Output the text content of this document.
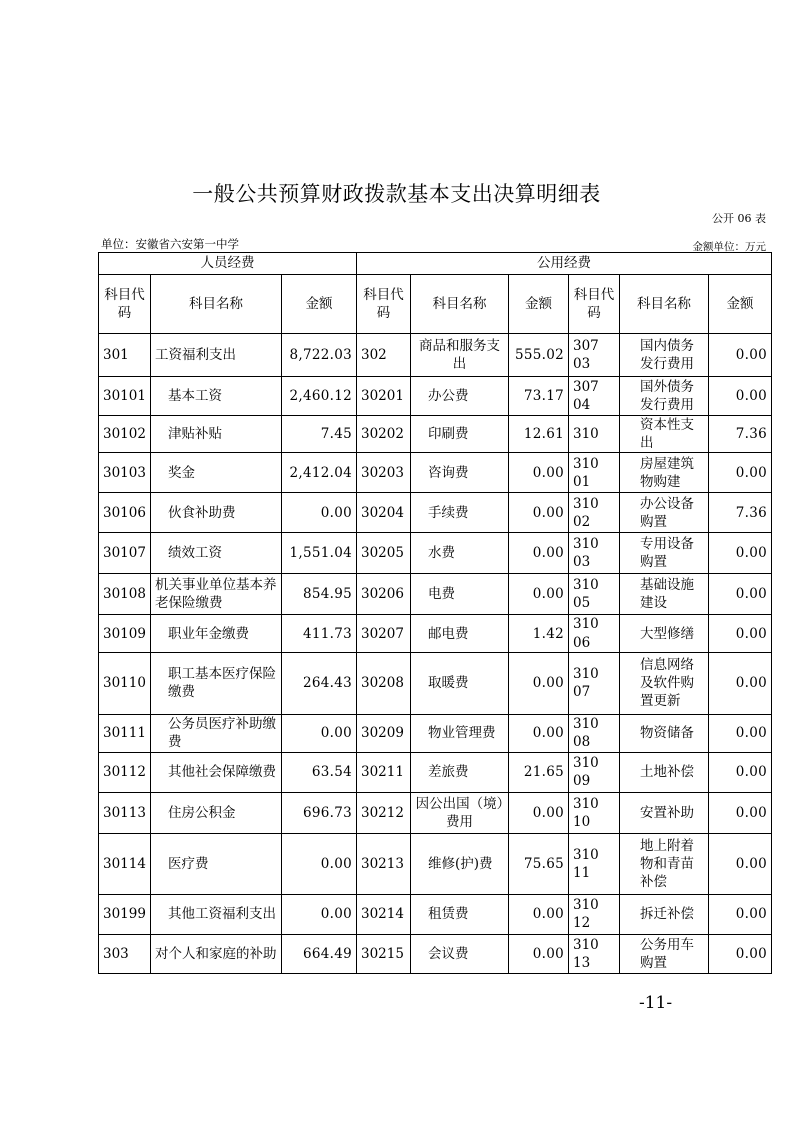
一般公共预算财政拨款基本支出决算明细表
公开 06 表
单位：安徽省六安第一中学	金额单位：万元
人员经费			公用经费					
科目代码	科目名称	金额	科目代码	科目名称	金额	科目代码	科目名称	金额
301	工资福利支出	8,722.03	302	商品和服务支出	555.02	30703	国内债务发行费用	0.00
30101	基本工资	2,460.12	30201	办公费	73.17	30704	国外债务发行费用	0.00
30102	津贴补贴	7.45	30202	印刷费	12.61	310	资本性支出	7.36
30103	奖金	2,412.04	30203	咨询费	0.00	31001	房屋建筑物购建	0.00
30106	伙食补助费	0.00	30204	手续费	0.00	31002	办公设备购置	7.36
30107	绩效工资	1,551.04	30205	水费	0.00	31003	专用设备购置	0.00
30108	机关事业单位基本养老保险缴费	854.95	30206	电费	0.00	31005	基础设施建设	0.00
30109	职业年金缴费	411.73	30207	邮电费	1.42	31006	大型修缮	0.00
30110	职工基本医疗保险缴费	264.43	30208	取暖费	0.00	31007	信息网络及软件购置更新	0.00
30111	公务员医疗补助缴费	0.00	30209	物业管理费	0.00	31008	物资储备	0.00
30112	其他社会保障缴费	63.54	30211	差旅费	21.65	31009	土地补偿	0.00
30113	住房公积金	696.73	30212	因公出国（境）费用	0.00	31010	安置补助	0.00
30114	医疗费	0.00	30213	维修(护)费	75.65	31011	地上附着物和青苗补偿	0.00
30199	其他工资福利支出	0.00	30214	租赁费	0.00	31012	拆迁补偿	0.00
303	对个人和家庭的补助	664.49	30215	会议费	0.00	31013	公务用车购置	0.00
-11-
